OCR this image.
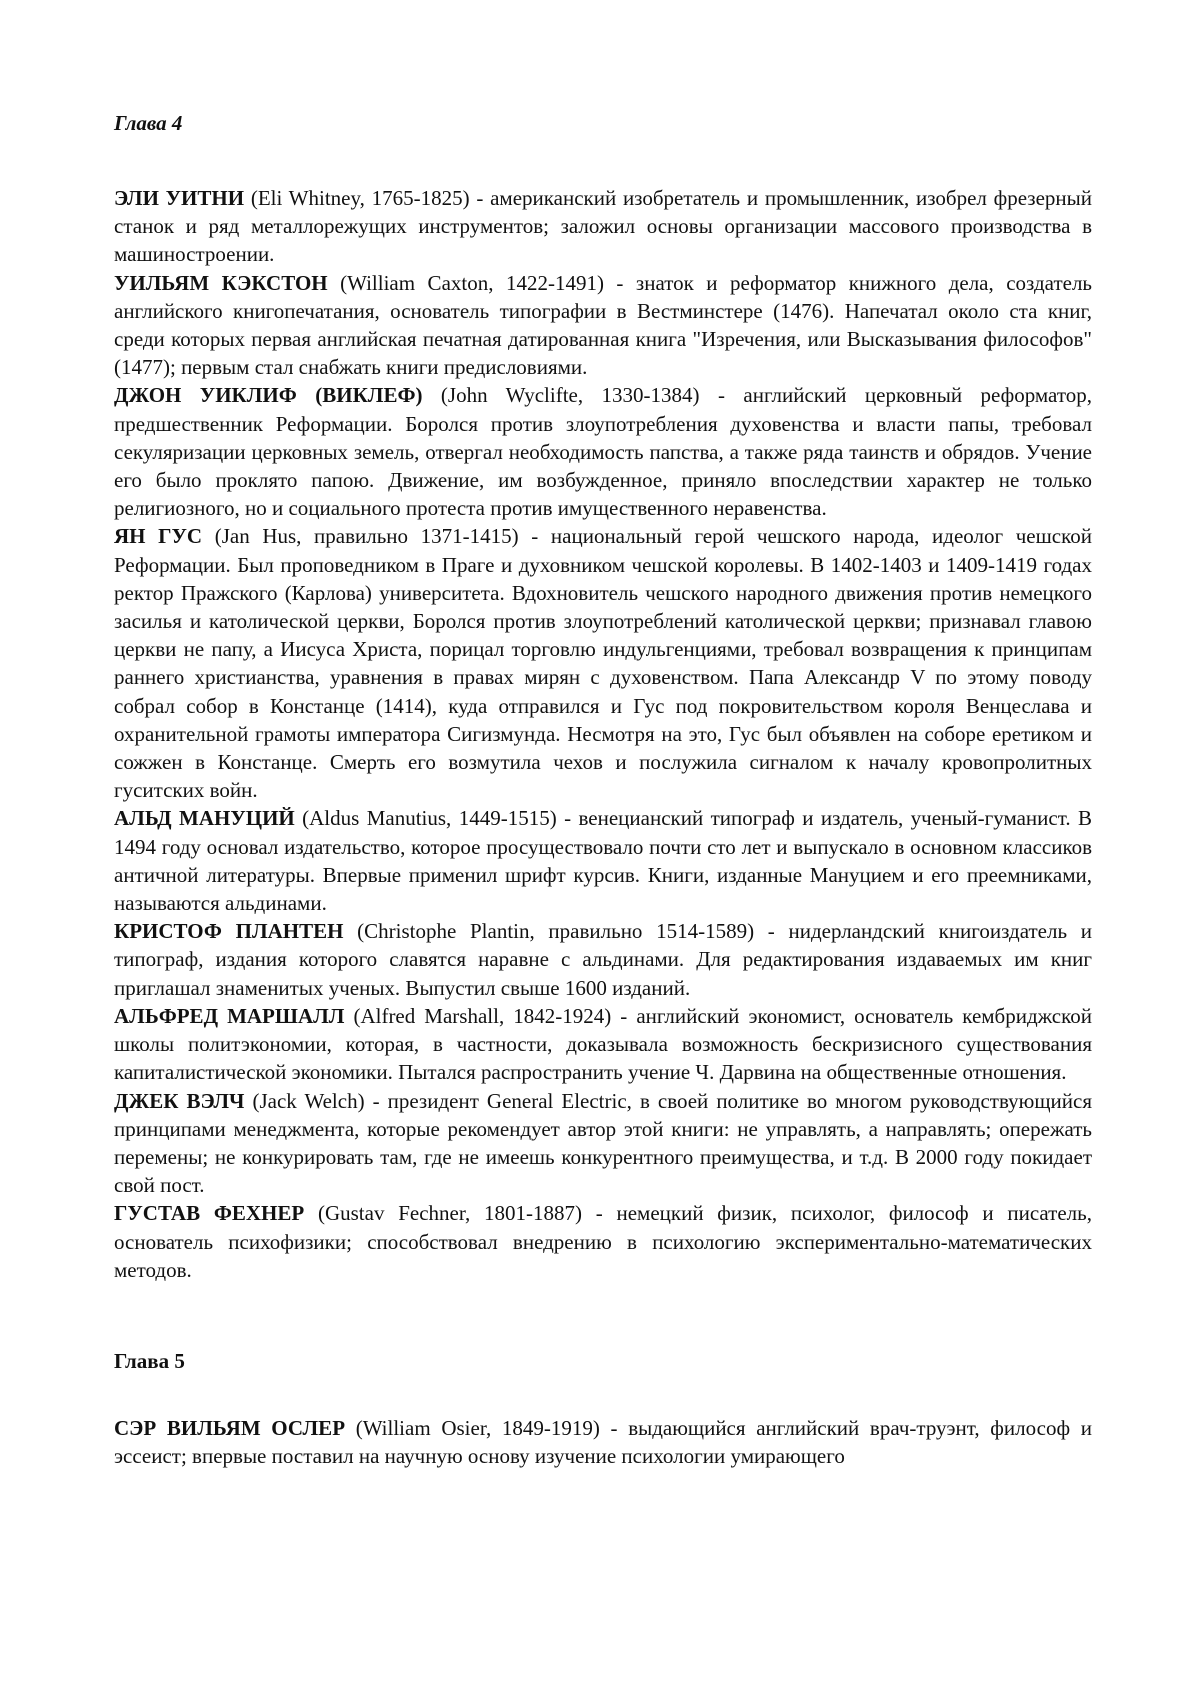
Глава 4

ЭЛИ УИТНИ (Eli Whitney, 1765-1825) - американский изобретатель и промышленник, изобрел фрезерный станок и ряд металлорежущих инструментов; заложил основы организации массового производства в машиностроении.

УИЛЬЯМ КЭКСТОН (William Caxton, 1422-1491) - знаток и реформатор книжного дела, создатель английского книгопечатания, основатель типографии в Вестминстере (1476). Напечатал около ста книг, среди которых первая английская печатная датированная книга "Изречения, или Высказывания философов" (1477); первым стал снабжать книги предисловиями.

ДЖОН УИКЛИФ (ВИКЛЕФ) (John Wyclifte, 1330-1384) - английский церковный реформатор, предшественник Реформации. Боролся против злоупотребления духовенства и власти папы, требовал секуляризации церковных земель, отвергал необходимость папства, а также ряда таинств и обрядов. Учение его было проклято папою. Движение, им возбужденное, приняло впоследствии характер не только религиозного, но и социального протеста против имущественного неравенства.

ЯН ГУС (Jan Hus, правильно 1371-1415) - национальный герой чешского народа, идеолог чешской Реформации. Был проповедником в Праге и духовником чешской королевы. В 1402-1403 и 1409-1419 годах ректор Пражского (Карлова) университета. Вдохновитель чешского народного движения против немецкого засилья и католической церкви, Боролся против злоупотреблений католической церкви; признавал главою церкви не папу, а Иисуса Христа, порицал торговлю индульгенциями, требовал возвращения к принципам раннего христианства, уравнения в правах мирян с духовенством. Папа Александр V по этому поводу собрал собор в Констанце (1414), куда отправился и Гус под покровительством короля Венцеслава и охранительной грамоты императора Сигизмунда. Несмотря на это, Гус был объявлен на соборе еретиком и сожжен в Констанце. Смерть его возмутила чехов и послужила сигналом к началу кровопролитных гуситских войн.

АЛЬД МАНУЦИЙ (Aldus Manutius, 1449-1515) - венецианский типограф и издатель, ученый-гуманист. В 1494 году основал издательство, которое просуществовало почти сто лет и выпускало в основном классиков античной литературы. Впервые применил шрифт курсив. Книги, изданные Мануцием и его преемниками, называются альдинами.

КРИСТОФ ПЛАНТЕН (Christophe Plantin, правильно 1514-1589) - нидерландский книгоиздатель и типограф, издания которого славятся наравне с альдинами. Для редактирования издаваемых им книг приглашал знаменитых ученых. Выпустил свыше 1600 изданий.

АЛЬФРЕД МАРШАЛЛ (Alfred Marshall, 1842-1924) - английский экономист, основатель кембриджской школы политэкономии, которая, в частности, доказывала возможность бескризисного существования капиталистической экономики. Пытался распространить учение Ч. Дарвина на общественные отношения.

ДЖЕК ВЭЛЧ (Jack Welch) - президент General Electric, в своей политике во многом руководствующийся принципами менеджмента, которые рекомендует автор этой книги: не управлять, а направлять; опережать перемены; не конкурировать там, где не имеешь конкурентного преимущества, и т.д. В 2000 году покидает свой пост.

ГУСТАВ ФЕХНЕР (Gustav Fechner, 1801-1887) - немецкий физик, психолог, философ и писатель, основатель психофизики; способствовал внедрению в психологию экспериментально-математических методов.

Глава 5

СЭР ВИЛЬЯМ ОСЛЕР (William Osier, 1849-1919) - выдающийся английский врач-труэнт, философ и эссеист; впервые поставил на научную основу изучение психологии умирающего
